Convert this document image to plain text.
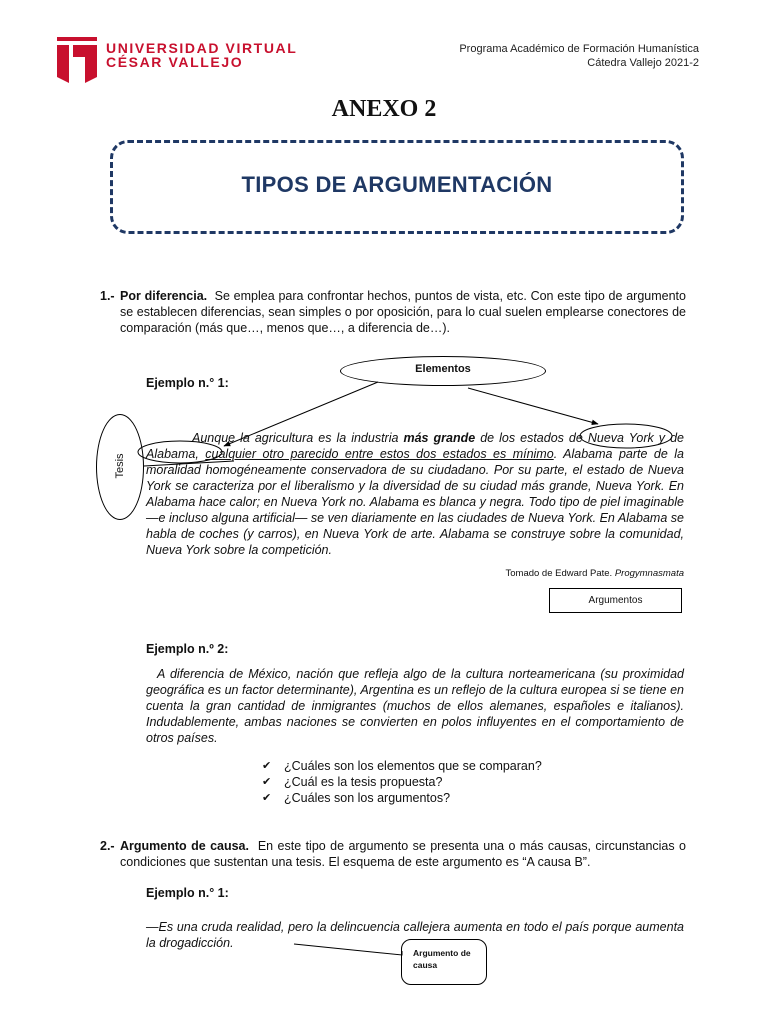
UNIVERSIDAD VIRTUAL
CÉSAR VALLEJO
Programa Académico de Formación Humanística
Cátedra Vallejo 2021-2
ANEXO 2
TIPOS DE ARGUMENTACIÓN
1.- Por diferencia. Se emplea para confrontar hechos, puntos de vista, etc. Con este tipo de argumento se establecen diferencias, sean simples o por oposición, para lo cual suelen emplearse conectores de comparación (más que…, menos que…, a diferencia de…).
Ejemplo n.° 1:
Elementos
Tesis
Aunque la agricultura es la industria más grande de los estados de Nueva York y de Alabama, cualquier otro parecido entre estos dos estados es mínimo. Alabama parte de la moralidad homogéneamente conservadora de su ciudadano. Por su parte, el estado de Nueva York se caracteriza por el liberalismo y la diversidad de su ciudad más grande, Nueva York. En Alabama hace calor; en Nueva York no. Alabama es blanca y negra. Todo tipo de piel imaginable —e incluso alguna artificial— se ven diariamente en las ciudades de Nueva York. En Alabama se habla de coches (y carros), en Nueva York de arte. Alabama se construye sobre la comunidad, Nueva York sobre la competición.
Tomado de Edward Pate. Progymnasmata
Argumentos
Ejemplo n.º 2:
A diferencia de México, nación que refleja algo de la cultura norteamericana (su proximidad geográfica es un factor determinante), Argentina es un reflejo de la cultura europea si se tiene en cuenta la gran cantidad de inmigrantes (muchos de ellos alemanes, españoles e italianos). Indudablemente, ambas naciones se convierten en polos influyentes en el comportamiento de otros países.
✔ ¿Cuáles son los elementos que se comparan?
✔ ¿Cuál es la tesis propuesta?
✔ ¿Cuáles son los argumentos?
2.- Argumento de causa. En este tipo de argumento se presenta una o más causas, circunstancias o condiciones que sustentan una tesis. El esquema de este argumento es “A causa B”.
Ejemplo n.° 1:
—Es una cruda realidad, pero la delincuencia callejera aumenta en todo el país porque aumenta la drogadicción.
Argumento de
causa
